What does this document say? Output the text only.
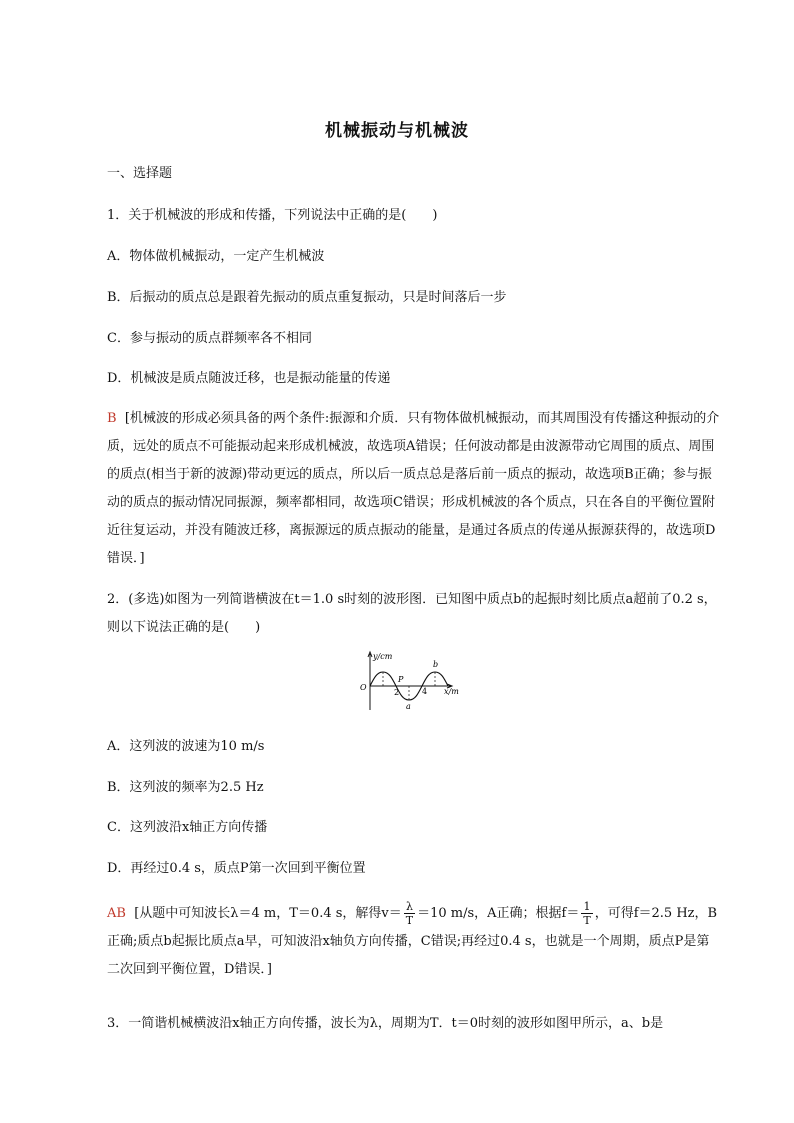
机械振动与机械波
一、选择题
1．关于机械波的形成和传播，下列说法中正确的是(　　)
A．物体做机械振动，一定产生机械波
B．后振动的质点总是跟着先振动的质点重复振动，只是时间落后一步
C．参与振动的质点群频率各不相同
D．机械波是质点随波迁移，也是振动能量的传递
B [机械波的形成必须具备的两个条件:振源和介质．只有物体做机械振动，而其周围没有传播这种振动的介质，远处的质点不可能振动起来形成机械波，故选项A错误；任何波动都是由波源带动它周围的质点、周围的质点(相当于新的波源)带动更远的质点，所以后一质点总是落后前一质点的振动，故选项B正确；参与振动的质点的振动情况同振源，频率都相同，故选项C错误；形成机械波的各个质点，只在各自的平衡位置附近往复运动，并没有随波迁移，离振源远的质点振动的能量，是通过各质点的传递从振源获得的，故选项D错误．]
2．(多选)如图为一列简谐横波在t＝1.0 s时刻的波形图．已知图中质点b的起振时刻比质点a超前了0.2 s，则以下说法正确的是(　　)
y/cm
O
2	4 x/m
P
a
b
A．这列波的波速为10 m/s
B．这列波的频率为2.5 Hz
C．这列波沿x轴正方向传播
D．再经过0.4 s，质点P第一次回到平衡位置
AB [从题中可知波长λ＝4 m，T＝0.4 s，解得$v= \frac{\lambda}{T} =10$ m/s，A正确；根据$f= \frac{1}{T}$ ，可得f＝2.5 Hz，B正确;质点b起振比质点a早，可知波沿x轴负方向传播，C错误;再经过0.4 s，也就是一个周期，质点P是第二次回到平衡位置，D错误．]
3．一简谐机械横波沿x轴正方向传播，波长为λ，周期为T．t＝0时刻的波形如图甲所示，a、b是
